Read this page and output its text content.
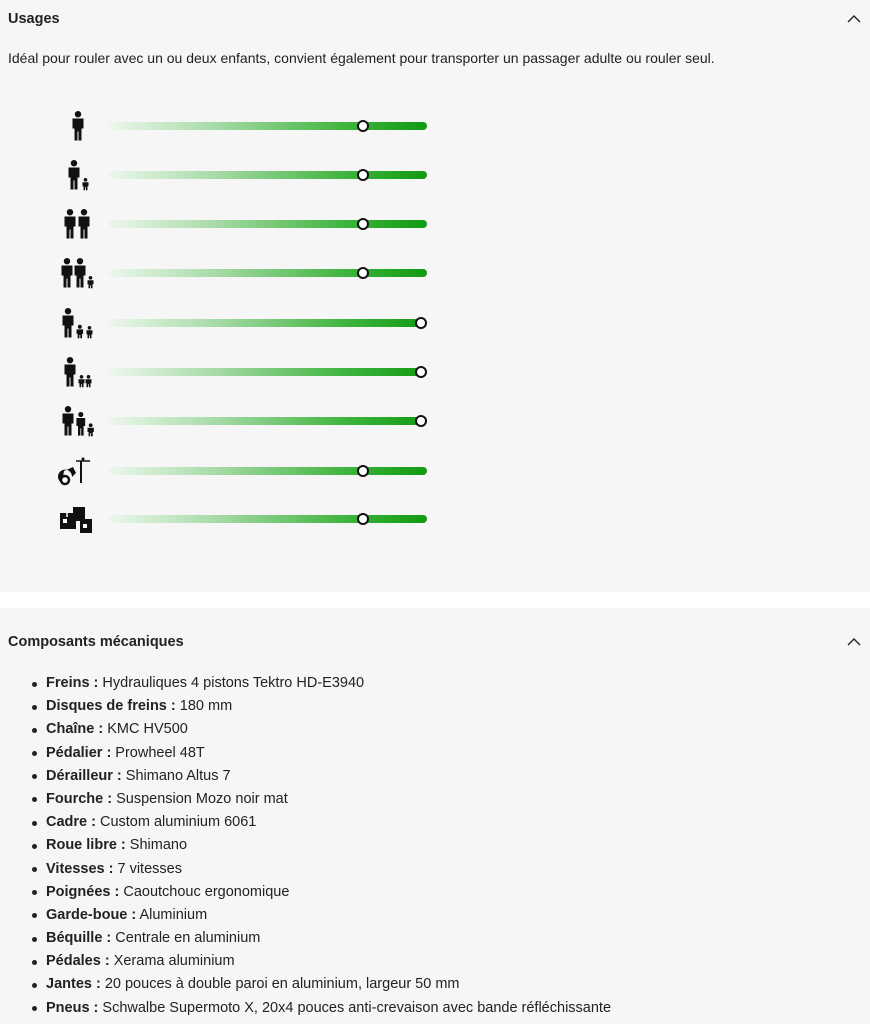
Usages
Idéal pour rouler avec un ou deux enfants, convient également pour transporter un passager adulte ou rouler seul.
Composants mécaniques
Freins : Hydrauliques 4 pistons Tektro HD-E3940
Disques de freins : 180 mm
Chaîne : KMC HV500
Pédalier : Prowheel 48T
Dérailleur : Shimano Altus 7
Fourche : Suspension Mozo noir mat
Cadre : Custom aluminium 6061
Roue libre : Shimano
Vitesses : 7 vitesses
Poignées : Caoutchouc ergonomique
Garde-boue : Aluminium
Béquille : Centrale en aluminium
Pédales : Xerama aluminium
Jantes : 20 pouces à double paroi en aluminium, largeur 50 mm
Pneus : Schwalbe Supermoto X, 20x4 pouces anti-crevaison avec bande réfléchissante
